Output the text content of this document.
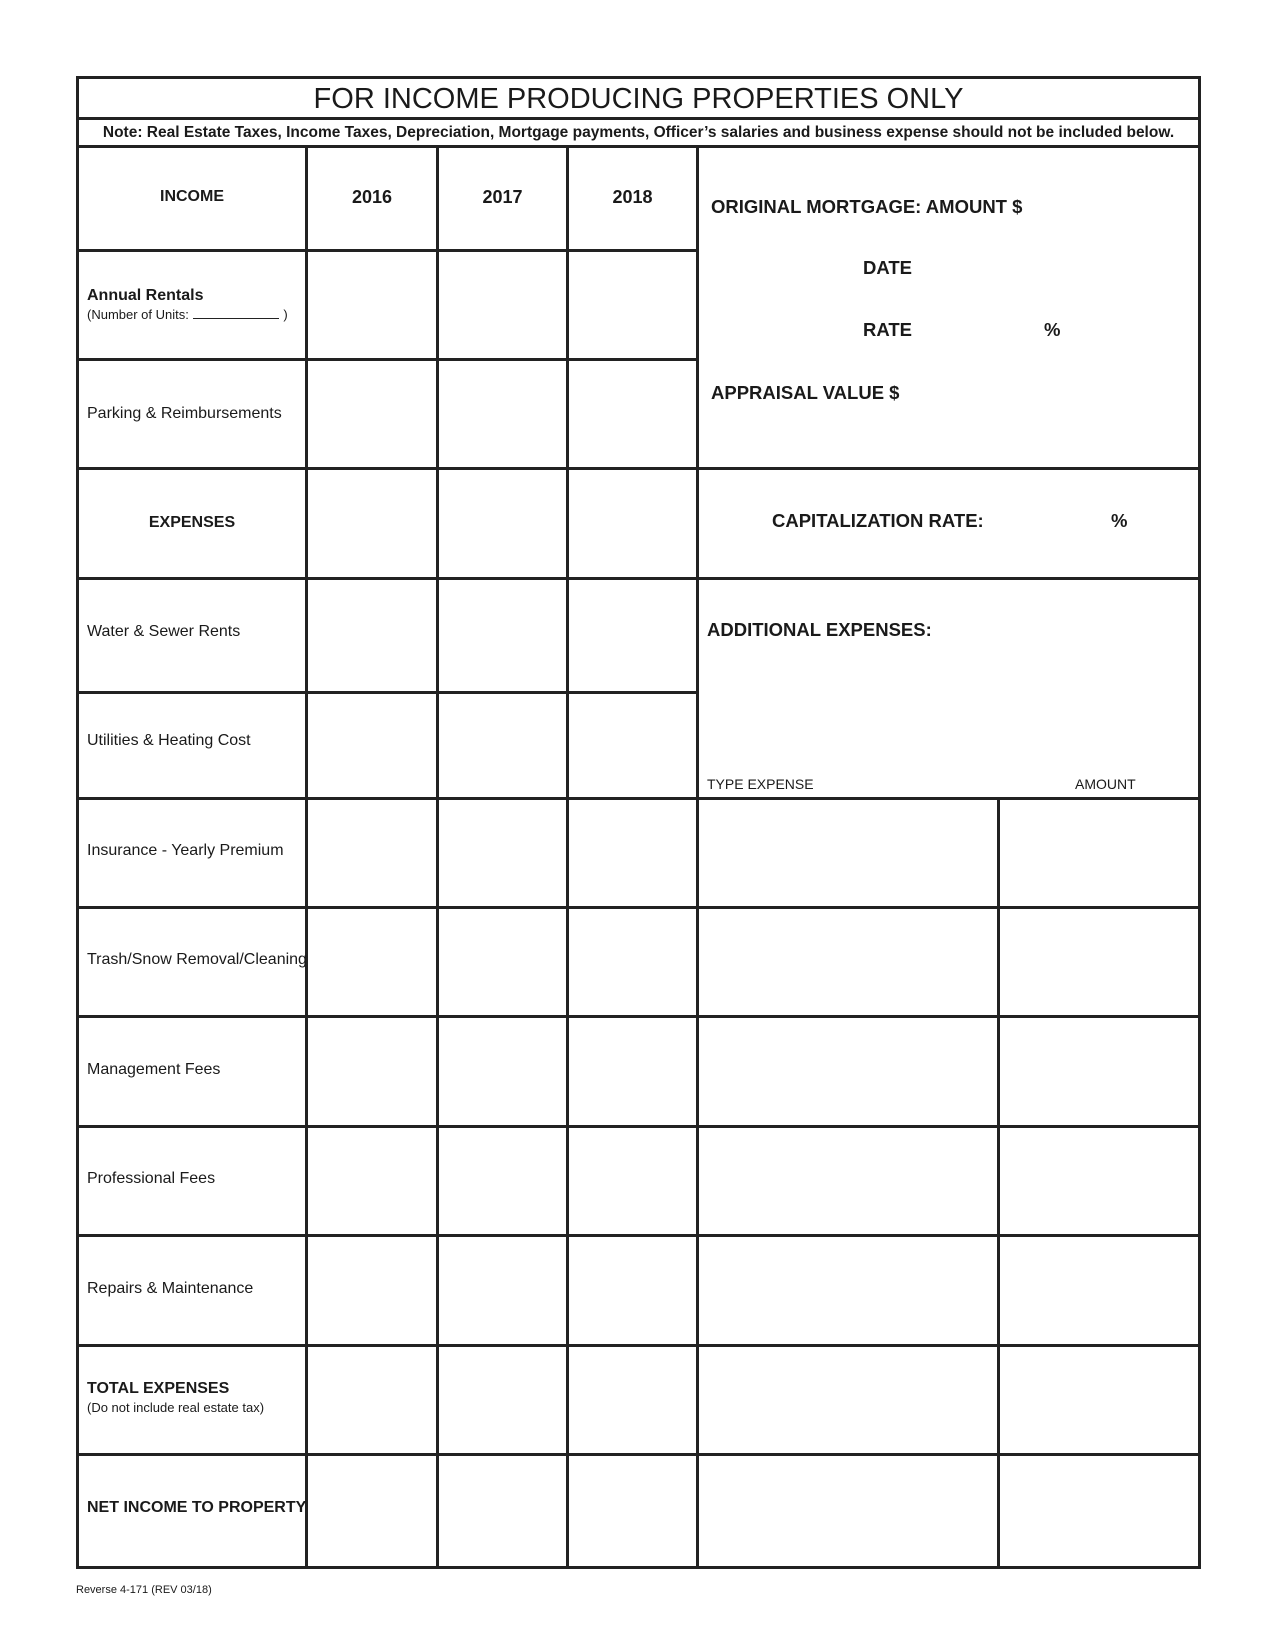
FOR INCOME PRODUCING PROPERTIES ONLY
Note: Real Estate Taxes, Income Taxes, Depreciation, Mortgage payments, Officer’s salaries and business expense should not be included below.
INCOME	2016	2017	2018
Annual Rentals
(Number of Units:	)
Parking & Reimbursements
EXPENSES
Water & Sewer Rents
Utilities & Heating Cost
Insurance - Yearly Premium
Trash/Snow Removal/Cleaning
Management Fees
Professional Fees
Repairs & Maintenance
TOTAL EXPENSES
(Do not include real estate tax)
NET INCOME TO PROPERTY
ORIGINAL MORTGAGE: AMOUNT $
DATE
RATE	%
APPRAISAL VALUE $
CAPITALIZATION RATE:	%
ADDITIONAL EXPENSES:
TYPE EXPENSE	AMOUNT
Reverse 4-171 (REV 03/18)
